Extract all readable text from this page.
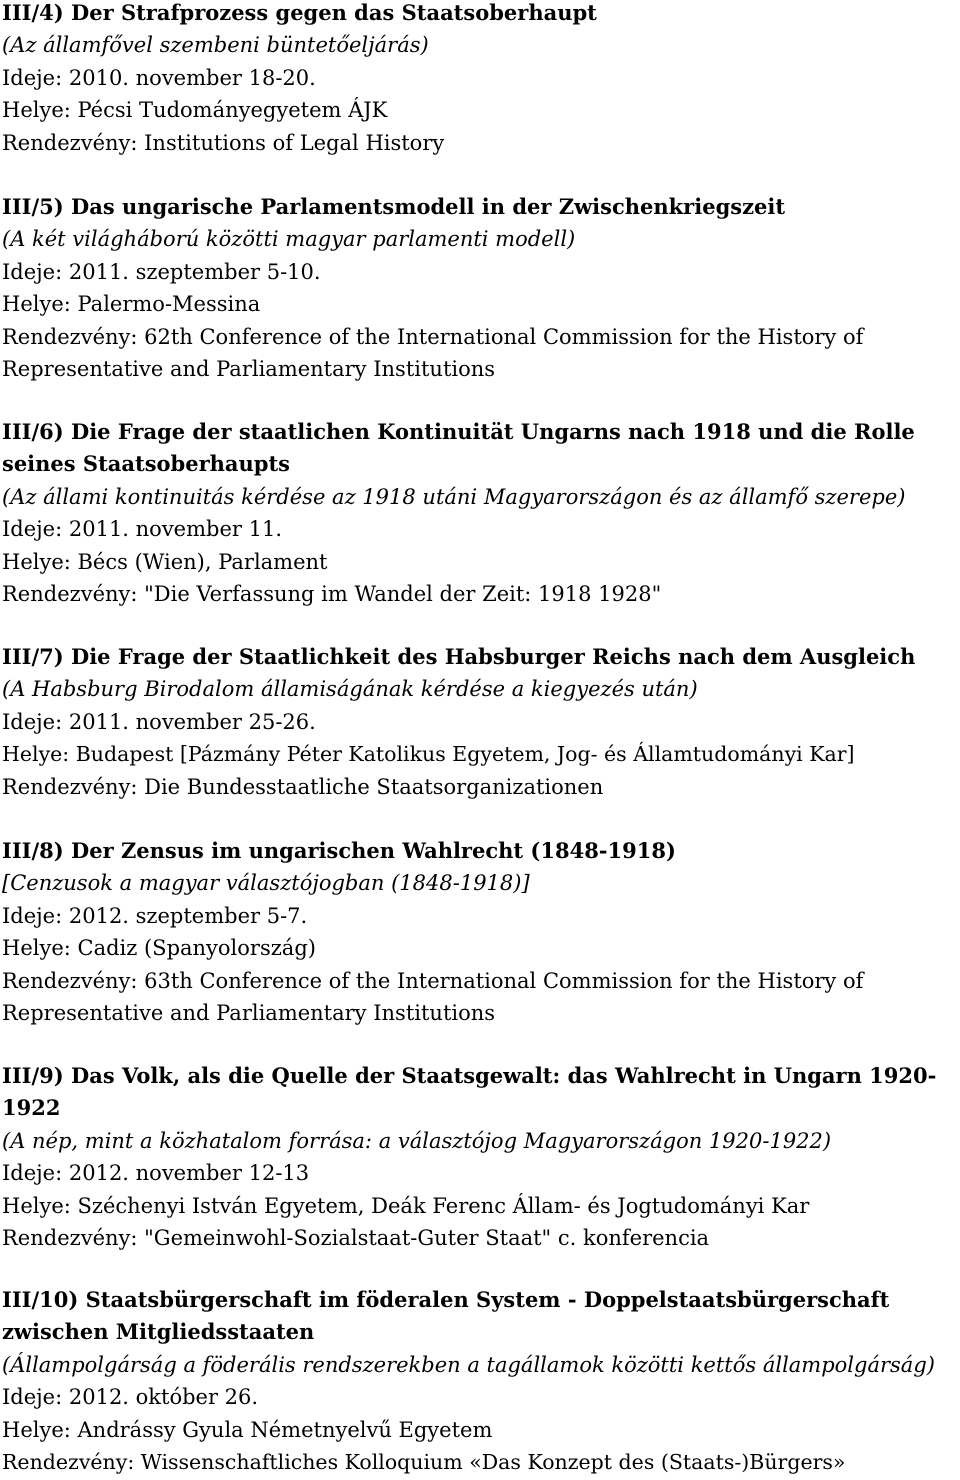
III/4) Der Strafprozess gegen das Staatsoberhaupt
(Az államfővel szembeni büntetőeljárás)
Ideje: 2010. november 18-20.
Helye: Pécsi Tudományegyetem ÁJK
Rendezvény: Institutions of Legal History
III/5) Das ungarische Parlamentsmodell in der Zwischenkriegszeit
(A két világháború közötti magyar parlamenti modell)
Ideje: 2011. szeptember 5-10.
Helye: Palermo-Messina
Rendezvény: 62th Conference of the International Commission for the History of Representative and Parliamentary Institutions
III/6) Die Frage der staatlichen Kontinuität Ungarns nach 1918 und die Rolle seines Staatsoberhaupts
(Az állami kontinuitás kérdése az 1918 utáni Magyarországon és az államfő szerepe)
Ideje: 2011. november 11.
Helye: Bécs (Wien), Parlament
Rendezvény: "Die Verfassung im Wandel der Zeit: 1918 1928"
III/7) Die Frage der Staatlichkeit des Habsburger Reichs nach dem Ausgleich
(A Habsburg Birodalom államiságának kérdése a kiegyezés után)
Ideje: 2011. november 25-26.
Helye: Budapest [Pázmány Péter Katolikus Egyetem, Jog- és Államtudományi Kar]
Rendezvény: Die Bundesstaatliche Staatsorganizationen
III/8) Der Zensus im ungarischen Wahlrecht (1848-1918)
[Cenzusok a magyar választójogban (1848-1918)]
Ideje: 2012. szeptember 5-7.
Helye: Cadiz (Spanyolország)
Rendezvény: 63th Conference of the International Commission for the History of Representative and Parliamentary Institutions
III/9) Das Volk, als die Quelle der Staatsgewalt: das Wahlrecht in Ungarn 1920-1922
(A nép, mint a közhatalom forrása: a választójog Magyarországon 1920-1922)
Ideje: 2012. november 12-13
Helye: Széchenyi István Egyetem, Deák Ferenc Állam- és Jogtudományi Kar
Rendezvény: "Gemeinwohl-Sozialstaat-Guter Staat" c. konferencia
III/10) Staatsbürgerschaft im föderalen System - Doppelstaatsbürgerschaft zwischen Mitgliedsstaaten
(Állampolgárság a föderális rendszerekben a tagállamok közötti kettős állampolgárság)
Ideje: 2012. október 26.
Helye: Andrássy Gyula Németnyelvű Egyetem
Rendezvény: Wissenschaftliches Kolloquium «Das Konzept des (Staats-)Bürgers»
